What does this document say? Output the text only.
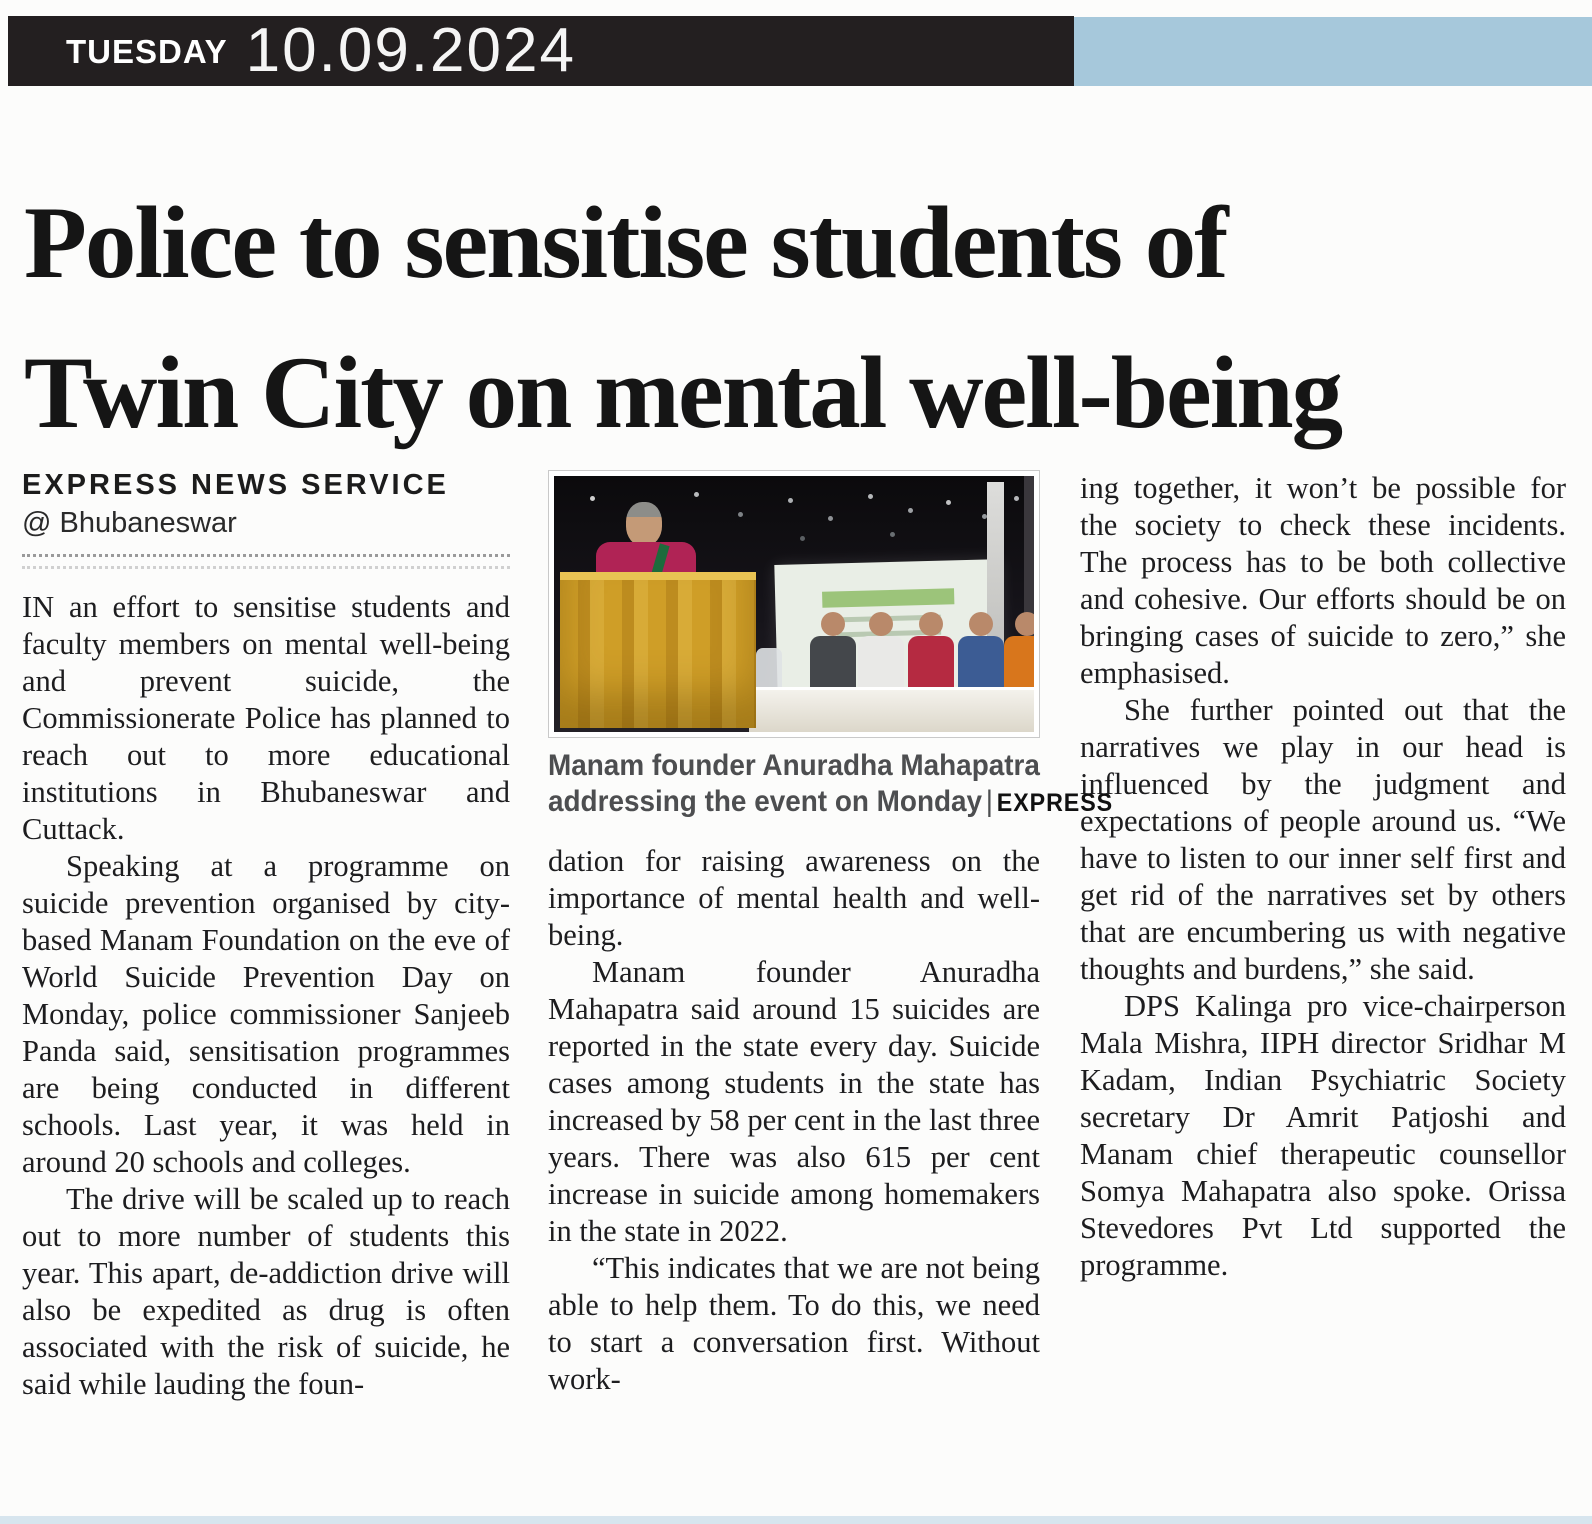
TUESDAY 10.09.2024
Police to sensitise students of
Twin City on mental well-being
EXPRESS NEWS SERVICE
@ Bhubaneswar

IN an effort to sensitise students and faculty members on mental well-being and prevent suicide, the Commissionerate Police has planned to reach out to more educational institutions in Bhubaneswar and Cuttack.

Speaking at a programme on suicide prevention organised by city-based Manam Foundation on the eve of World Suicide Prevention Day on Monday, police commissioner Sanjeeb Panda said, sensitisation programmes are being conducted in different schools. Last year, it was held in around 20 schools and colleges.

The drive will be scaled up to reach out to more number of students this year. This apart, de-addiction drive will also be expedited as drug is often associated with the risk of suicide, he said while lauding the foun-

Manam founder Anuradha Mahapatra
addressing the event on Monday | EXPRESS

dation for raising awareness on the importance of mental health and well-being.

Manam founder Anuradha Mahapatra said around 15 suicides are reported in the state every day. Suicide cases among students in the state has increased by 58 per cent in the last three years. There was also 615 per cent increase in suicide among homemakers in the state in 2022.

“This indicates that we are not being able to help them. To do this, we need to start a conversation first. Without work-

ing together, it won’t be possible for the society to check these incidents. The process has to be both collective and cohesive. Our efforts should be on bringing cases of suicide to zero,” she emphasised.

She further pointed out that the narratives we play in our head is influenced by the judgment and expectations of people around us. “We have to listen to our inner self first and get rid of the narratives set by others that are encumbering us with negative thoughts and burdens,” she said.

DPS Kalinga pro vice-chairperson Mala Mishra, IIPH director Sridhar M Kadam, Indian Psychiatric Society secretary Dr Amrit Patjoshi and Manam chief therapeutic counsellor Somya Mahapatra also spoke. Orissa Stevedores Pvt Ltd supported the programme.
